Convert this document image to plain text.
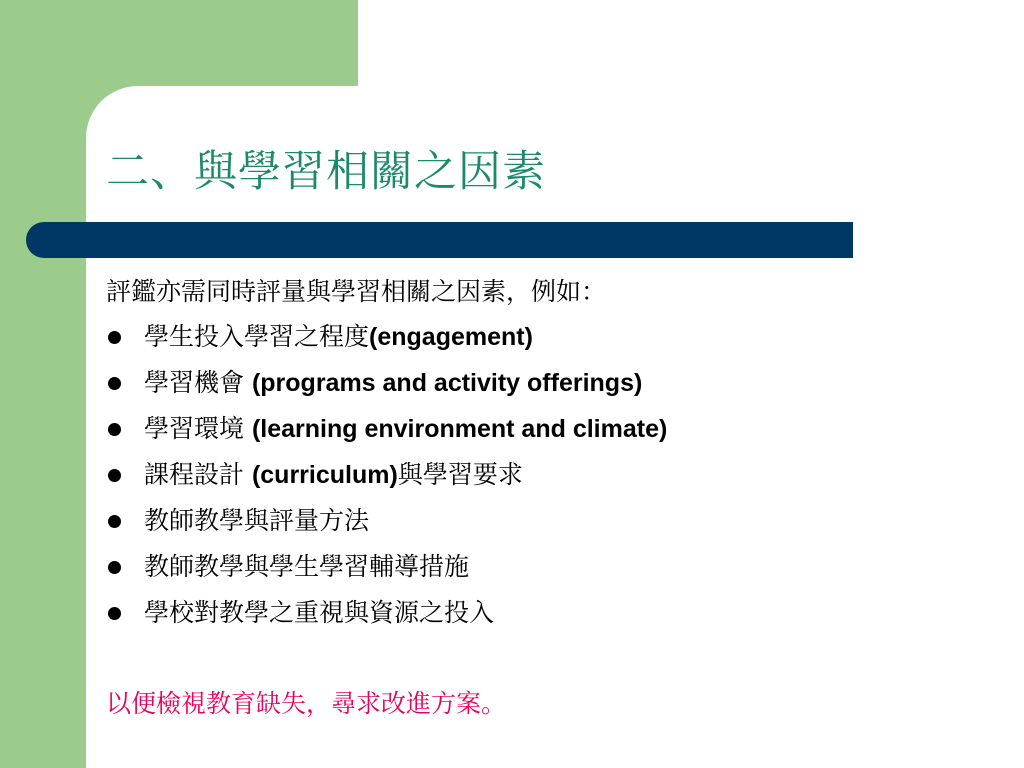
二、與學習相關之因素

評鑑亦需同時評量與學習相關之因素，例如：

學生投入學習之程度(engagement)
學習機會 (programs and activity offerings)
學習環境 (learning environment and climate)
課程設計 (curriculum)與學習要求
教師教學與評量方法
教師教學與學生學習輔導措施
學校對教學之重視與資源之投入

以便檢視教育缺失，尋求改進方案。
